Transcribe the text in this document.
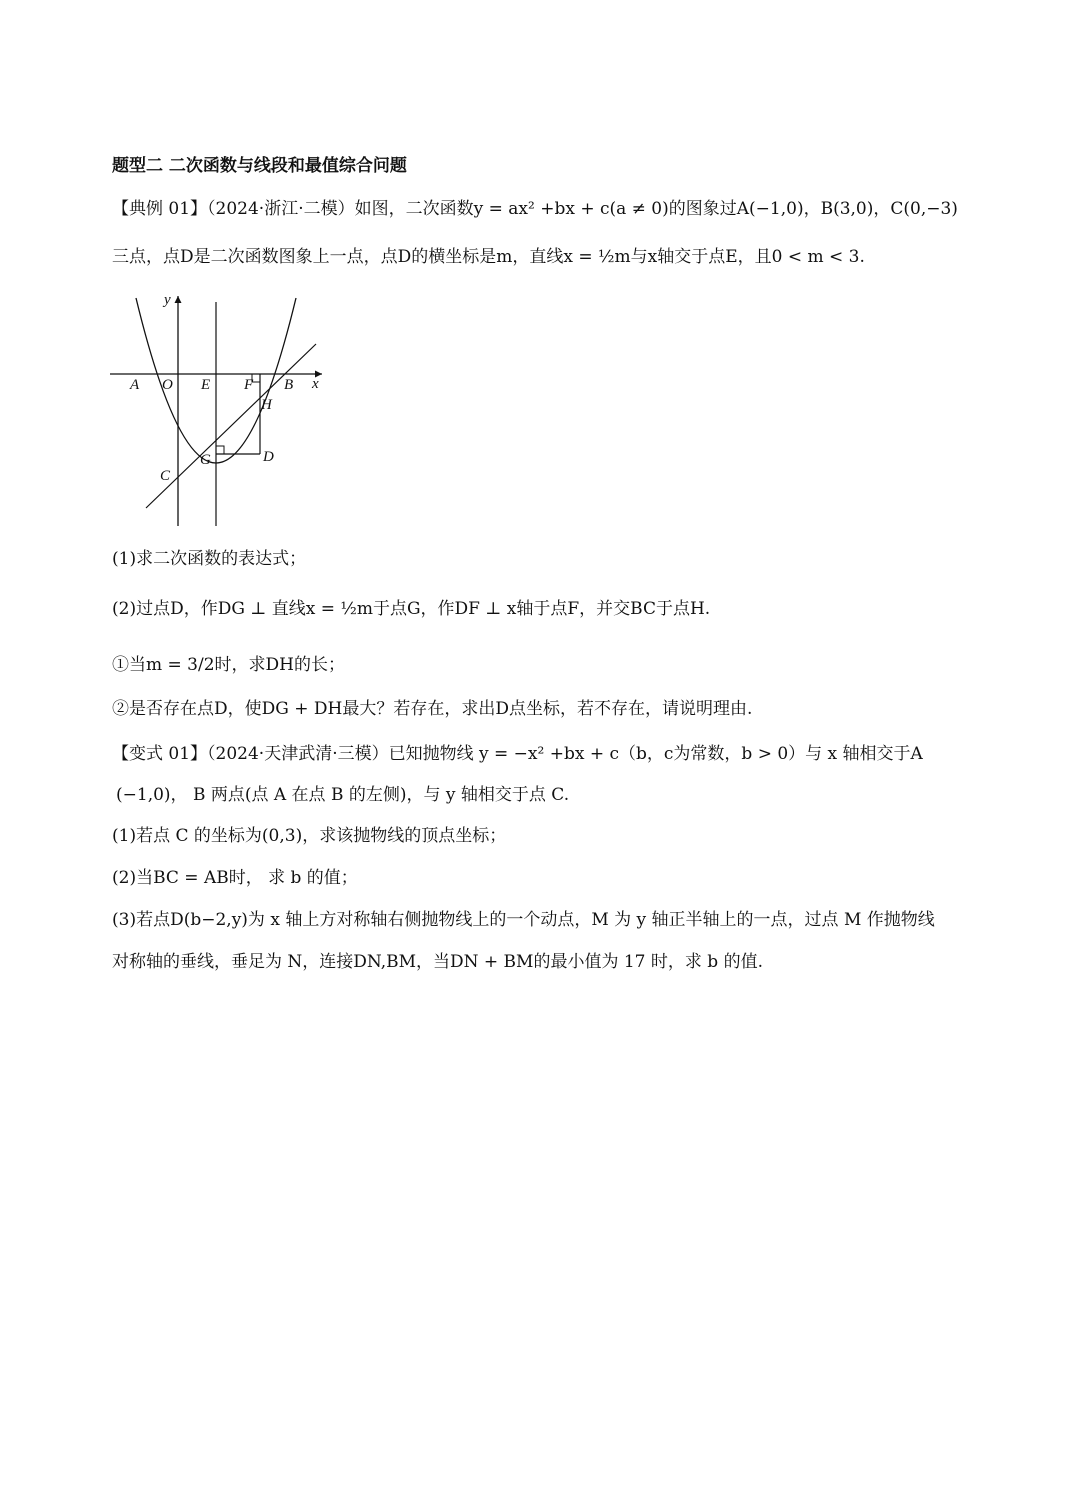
题型二 二次函数与线段和最值综合问题
【典例 01】（2024·浙江·二模）如图，二次函数y = ax² +bx + c(a ≠ 0)的图象过A(−1,0)，B(3,0)，C(0,−3)
三点，点D是二次函数图象上一点，点D的横坐标是m，直线x = ½m与x轴交于点E，且0 < m < 3.
y
x
A O E F B
H
G	D
C
(1)求二次函数的表达式；
(2)过点D，作DG ⊥ 直线x = ½m于点G，作DF ⊥ x轴于点F，并交BC于点H.
①当m = 3/2时，求DH的长；
②是否存在点D，使DG + DH最大？若存在，求出D点坐标，若不存在，请说明理由.
【变式 01】（2024·天津武清·三模）已知抛物线 y = −x² +bx + c（b，c为常数，b > 0）与 x 轴相交于A
(−1,0)， B 两点(点 A 在点 B 的左侧)，与 y 轴相交于点 C.
(1)若点 C 的坐标为(0,3)，求该抛物线的顶点坐标；
(2)当BC = AB时， 求 b 的值；
(3)若点D(b−2,y)为 x 轴上方对称轴右侧抛物线上的一个动点，M 为 y 轴正半轴上的一点，过点 M 作抛物线
对称轴的垂线，垂足为 N，连接DN,BM，当DN + BM的最小值为 17 时，求 b 的值.
